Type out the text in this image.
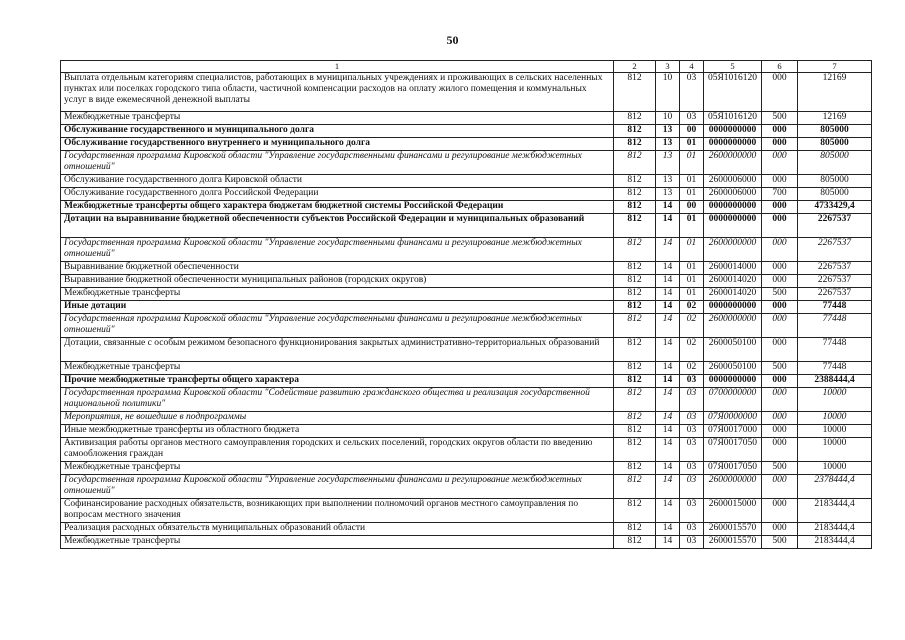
50
1	2	3	4	5	6	7
Выплата отдельным категориям специалистов, работающих в муниципальных учреждениях и проживающих в сельских населенных пунктах или поселках городского типа области, частичной компенсации расходов на оплату жилого помещения и коммунальных услуг в виде ежемесячной денежной выплаты	812	10	03	05Я1016120	000	12169
Межбюджетные трансферты	812	10	03	05Я1016120	500	12169
Обслуживание государственного и муниципального долга	812	13	00	0000000000	000	805000
Обслуживание государственного внутреннего и муниципального долга	812	13	01	0000000000	000	805000
Государственная программа Кировской области "Управление государственными финансами и регулирование межбюджетных отношений"	812	13	01	2600000000	000	805000
Обслуживание государственного долга Кировской области	812	13	01	2600006000	000	805000
Обслуживание государственного долга Российской Федерации	812	13	01	2600006000	700	805000
Межбюджетные трансферты общего характера бюджетам бюджетной системы Российской Федерации	812	14	00	0000000000	000	4733429,4
Дотации на выравнивание бюджетной обеспеченности субъектов Российской Федерации и муниципальных образований	812	14	01	0000000000	000	2267537
Государственная программа Кировской области "Управление государственными финансами и регулирование межбюджетных отношений"	812	14	01	2600000000	000	2267537
Выравнивание бюджетной обеспеченности	812	14	01	2600014000	000	2267537
Выравнивание бюджетной обеспеченности муниципальных районов (городских округов)	812	14	01	2600014020	000	2267537
Межбюджетные трансферты	812	14	01	2600014020	500	2267537
Иные дотации	812	14	02	0000000000	000	77448
Государственная программа Кировской области "Управление государственными финансами и регулирование межбюджетных отношений"	812	14	02	2600000000	000	77448
Дотации, связанные с особым режимом безопасного функционирования закрытых административно-территориальных образований	812	14	02	2600050100	000	77448
Межбюджетные трансферты	812	14	02	2600050100	500	77448
Прочие межбюджетные трансферты общего характера	812	14	03	0000000000	000	2388444,4
Государственная программа Кировской области "Содействие развитию гражданского общества и реализация государственной национальной политики"	812	14	03	0700000000	000	10000
Мероприятия, не вошедшие в подпрограммы	812	14	03	07Я0000000	000	10000
Иные межбюджетные трансферты из областного бюджета	812	14	03	07Я0017000	000	10000
Активизация работы органов местного самоуправления городских и сельских поселений, городских округов области по введению самообложения граждан	812	14	03	07Я0017050	000	10000
Межбюджетные трансферты	812	14	03	07Я0017050	500	10000
Государственная программа Кировской области "Управление государственными финансами и регулирование межбюджетных отношений"	812	14	03	2600000000	000	2378444,4
Софинансирование расходных обязательств, возникающих при выполнении полномочий органов местного самоуправления по вопросам местного значения	812	14	03	2600015000	000	2183444,4
Реализация расходных обязательств муниципальных образований области	812	14	03	2600015570	000	2183444,4
Межбюджетные трансферты	812	14	03	2600015570	500	2183444,4
